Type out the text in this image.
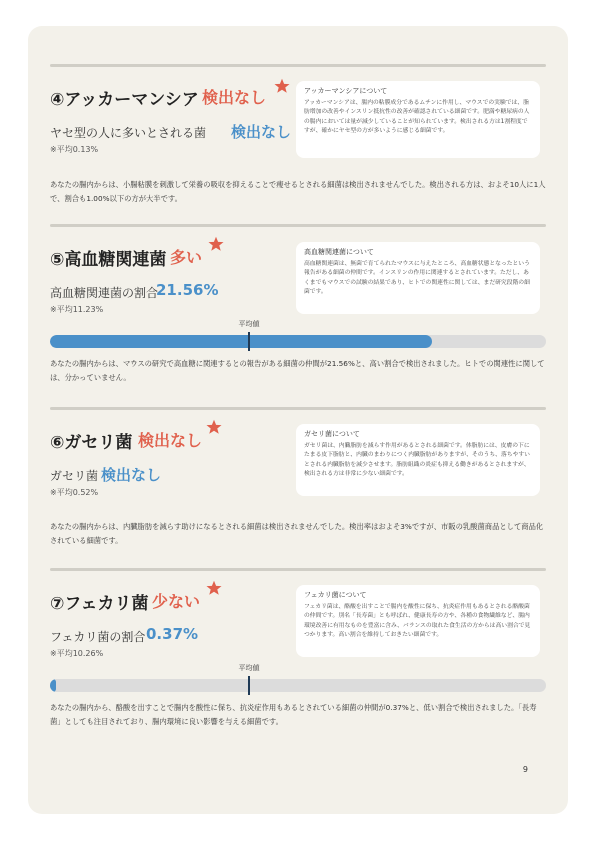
④アッカーマンシア 検出なし
ヤセ型の人に多いとされる菌 検出なし
※平均0.13%
アッカーマンシアについて
アッカーマンシアは、腸内の粘膜成分であるムチンに作用し、マウスでの実験では、脂肪増加の改善やインスリン抵抗性の改善が確認されている細菌です。肥満や糖尿病の人の腸内においては量が減少していることが知られています。検出される方は1割程度ですが、確かにヤセ型の方が多いように感じる細菌です。
あなたの腸内からは、小腸粘膜を刺激して栄養の吸収を抑えることで痩せるとされる細菌は検出されませんでした。検出される方は、およそ10人に1人で、割合も1.00%以下の方が大半です。
⑤高血糖関連菌 多い
高血糖関連菌の割合
21.56%
※平均11.23%
高血糖関連菌について
高血糖関連菌は、無菌で育てられたマウスに与えたところ、高血糖状態となったという報告がある細菌の仲間です。インスリンの作用に関連するとされています。ただし、あくまでもマウスでの試験の結果であり、ヒトでの関連性に関しては、まだ研究段階の細菌です。
平均値
あなたの腸内からは、マウスの研究で高血糖に関連するとの報告がある細菌の仲間が21.56%と、高い割合で検出されました。ヒトでの関連性に関しては、分かっていません。
⑥ガセリ菌 検出なし
ガセリ菌 検出なし
※平均0.52%
ガセリ菌について
ガセリ菌は、内臓脂肪を減らす作用があるとされる細菌です。体脂肪には、皮膚の下にたまる皮下脂肪と、内臓のまわりにつく内臓脂肪がありますが、そのうち、落ちやすいとされる内臓脂肪を減少させます。脂肪組織の炎症も抑える働きがあるとされますが、検出される方は非常に少ない細菌です。
あなたの腸内からは、内臓脂肪を減らす助けになるとされる細菌は検出されませんでした。検出率はおよそ3%ですが、市販の乳酸菌商品として商品化されている細菌です。
⑦フェカリ菌 少ない
フェカリ菌の割合 0.37%
※平均10.26%
フェカリ菌について
フェカリ菌は、酪酸を出すことで腸内を酸性に保ち、抗炎症作用もあるとされる酪酸菌の仲間です。別名「長寿菌」とも呼ばれ、健康長寿の方や、各種の食物繊維など、腸内環境改善に有用なものを豊富に含み、バランスの取れた食生活の方からは高い割合で見つかります。高い割合を維持しておきたい細菌です。
平均値
あなたの腸内から、酪酸を出すことで腸内を酸性に保ち、抗炎症作用もあるとされている細菌の仲間が0.37%と、低い割合で検出されました。「長寿菌」としても注目されており、腸内環境に良い影響を与える細菌です。
9
